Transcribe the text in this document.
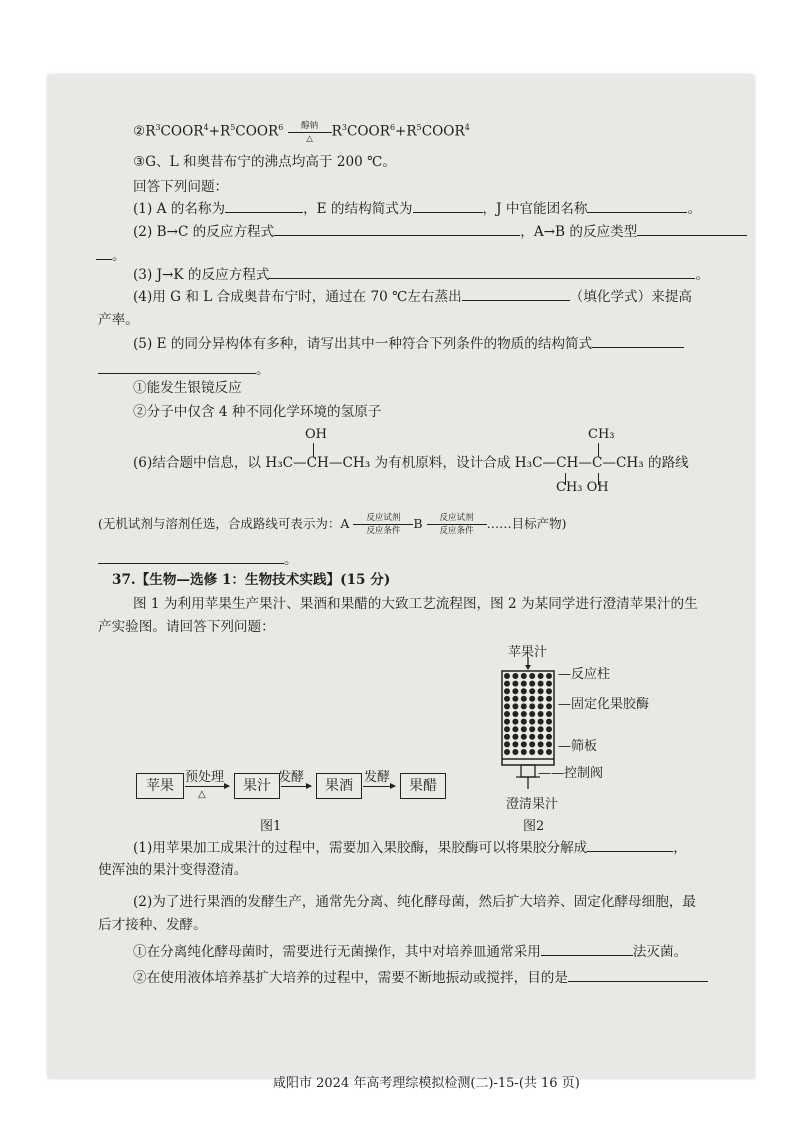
$②R^3COOR^4+R^5COOR^6$ 醇钠
△ $R^3COOR^6+R^5COOR^4$
③G、L 和奥昔布宁的沸点均高于 200 ℃。
回答下列问题：
(1) A 的名称为	，E 的结构简式为	，J 中官能团名称	。
(2) B→C 的反应方程式	，A→B 的反应类型
。
(3) J→K 的反应方程式	。
(4)用 G 和 L 合成奥昔布宁时，通过在 70 ℃左右蒸出	（填化学式）来提高
产率。
(5) E 的同分异构体有多种，请写出其中一种符合下列条件的物质的结构简式
。
①能发生银镜反应
②分子中仅含 4 种不同化学环境的氢原子
OH	CH₃
(6)结合题中信息，以 H₃C—CH—CH₃ 为有机原料，设计合成 H₃C—CH—C—CH₃ 的路线
CH₃ OH
(无机试剂与溶剂任选，合成路线可表示为：A 反应试剂
反应条件 B 反应试剂
反应条件 ……目标产物)
。
37.【生物—选修 1：生物技术实践】(15 分)
图 1 为利用苹果生产果汁、果酒和果醋的大致工艺流程图，图 2 为某同学进行澄清苹果汁的生
产实验图。请回答下列问题：
苹果
预处理
△
果汁
发酵
果酒
发酵
果醋
图1
苹果汁
—反应柱
—固定化果胶酶
—筛板
——控制阀
澄清果汁
图2
(1)用苹果加工成果汁的过程中，需要加入果胶酶，果胶酶可以将果胶分解成	，
使浑浊的果汁变得澄清。
(2)为了进行果酒的发酵生产，通常先分离、纯化酵母菌，然后扩大培养、固定化酵母细胞，最
后才接种、发酵。
①在分离纯化酵母菌时，需要进行无菌操作，其中对培养皿通常采用	法灭菌。
②在使用液体培养基扩大培养的过程中，需要不断地振动或搅拌，目的是
咸阳市 2024 年高考理综模拟检测(二)-15-(共 16 页)
